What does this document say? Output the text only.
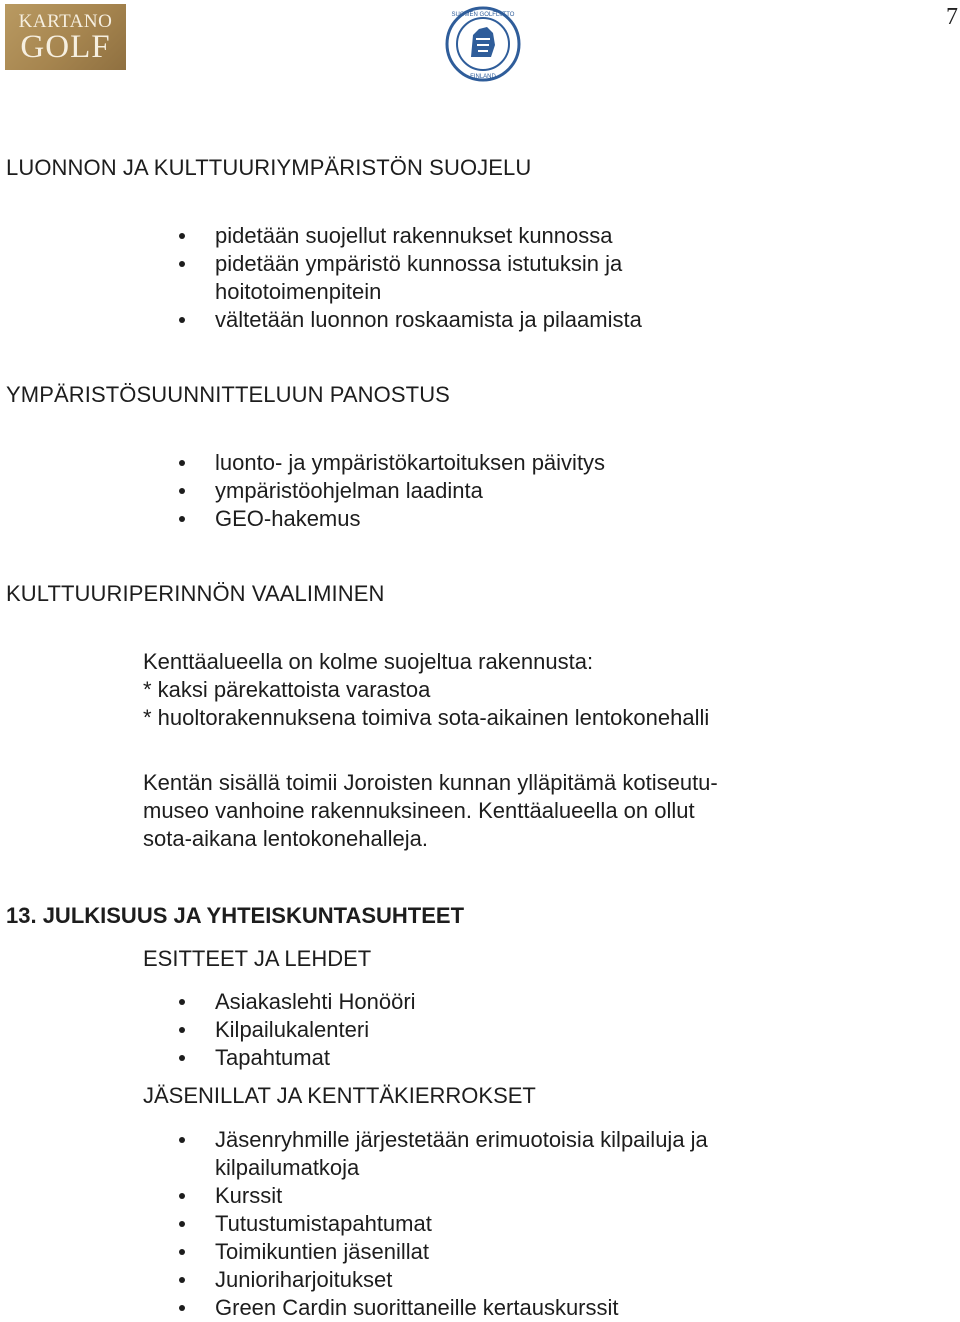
7
KARTANO
GOLF
SUOMEN GOLFLIITTO
FINLAND
LUONNON JA KULTTUURIYMPÄRISTÖN SUOJELU
pidetään suojellut rakennukset kunnossa
pidetään ympäristö kunnossa istutuksin ja hoitotoimenpitein
vältetään luonnon roskaamista ja pilaamista
YMPÄRISTÖSUUNNITTELUUN PANOSTUS
luonto- ja ympäristökartoituksen päivitys
ympäristöohjelman laadinta
GEO-hakemus
KULTTUURIPERINNÖN VAALIMINEN
Kenttäalueella on kolme suojeltua rakennusta:
* kaksi pärekattoista varastoa
* huoltorakennuksena toimiva sota-aikainen lentokonehalli
Kentän sisällä toimii Joroisten kunnan ylläpitämä kotiseutu-
museo vanhoine rakennuksineen. Kenttäalueella on ollut
sota-aikana lentokonehalleja.
13. JULKISUUS JA YHTEISKUNTASUHTEET
ESITTEET JA LEHDET
Asiakaslehti Honööri
Kilpailukalenteri
Tapahtumat
JÄSENILLAT JA KENTTÄKIERROKSET
Jäsenryhmille järjestetään erimuotoisia kilpailuja ja kilpailumatkoja
Kurssit
Tutustumistapahtumat
Toimikuntien jäsenillat
Junioriharjoitukset
Green Cardin suorittaneille kertauskurssit
